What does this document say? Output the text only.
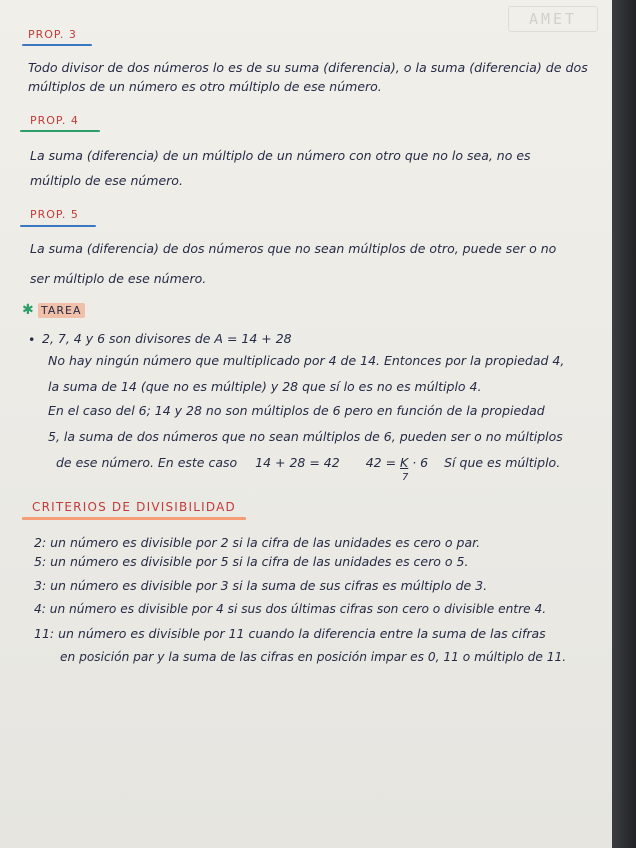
AMET
PROP. 3
Todo divisor de dos números lo es de su suma (diferencia), o la suma (diferencia) de dos
múltiplos de un número es otro múltiplo de ese número.
PROP. 4
La suma (diferencia) de un múltiplo de un número con otro que no lo sea, no es
múltiplo de ese número.
PROP. 5
La suma (diferencia) de dos números que no sean múltiplos de otro, puede ser o no
ser múltiplo de ese número.
✱ TAREA
• 2, 7, 4 y 6 son divisores de A = 14 + 28
No hay ningún número que multiplicado por 4 de 14. Entonces por la propiedad 4,
la suma de 14 (que no es múltiple) y 28 que sí lo es no es múltiplo 4.
En el caso del 6; 14 y 28 no son múltiplos de 6 pero en función de la propiedad
5, la suma de dos números que no sean múltiplos de 6, pueden ser o no múltiplos
de ese número. En este caso 14 + 28 = 42 $42 = \frac{K}{7} \cdot 6$ Sí que es múltiplo.
CRITERIOS DE DIVISIBILIDAD
2: un número es divisible por 2 si la cifra de las unidades es cero o par.
5: un número es divisible por 5 si la cifra de las unidades es cero o 5.
3: un número es divisible por 3 si la suma de sus cifras es múltiplo de 3.
4: un número es divisible por 4 si sus dos últimas cifras son cero o divisible entre 4.
11: un número es divisible por 11 cuando la diferencia entre la suma de las cifras
en posición par y la suma de las cifras en posición impar es 0, 11 o múltiplo de 11.
